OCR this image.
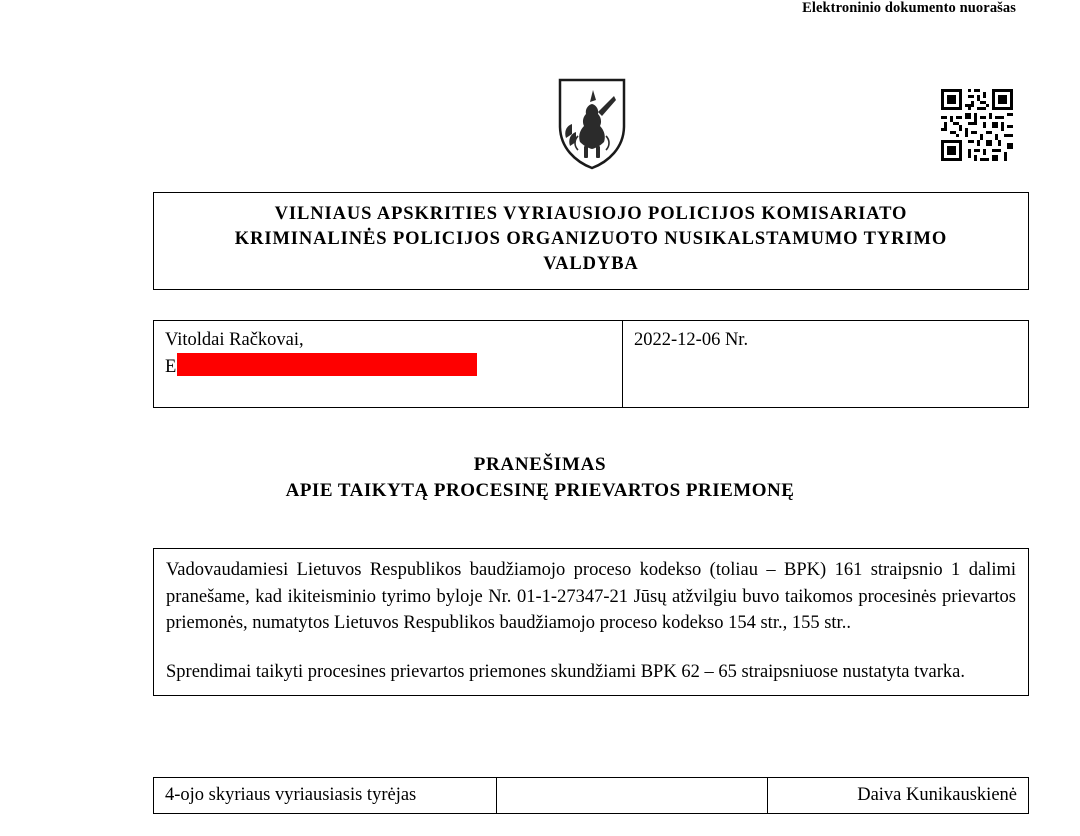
Elektroninio dokumento nuorašas
VILNIAUS APSKRITIES VYRIAUSIOJO POLICIJOS KOMISARIATO
KRIMINALINĖS POLICIJOS ORGANIZUOTO NUSIKALSTAMUMO TYRIMO
VALDYBA
Vitoldai Račkovai,
E
	2022-12-06 Nr.
PRANEŠIMAS
APIE TAIKYTĄ PROCESINĘ PRIEVARTOS PRIEMONĘ

Vadovaudamiesi Lietuvos Respublikos baudžiamojo proceso kodekso (toliau – BPK) 161 straipsnio 1 dalimi pranešame, kad ikiteisminio tyrimo byloje Nr. 01-1-27347-21 Jūsų atžvilgiu buvo taikomos procesinės prievartos priemonės, numatytos Lietuvos Respublikos baudžiamojo proceso kodekso 154 str., 155 str..

Sprendimai taikyti procesines prievartos priemones skundžiami BPK 62 – 65 straipsniuose nustatyta tvarka.

4-ojo skyriaus vyriausiasis tyrėjas		Daiva Kunikauskienė
